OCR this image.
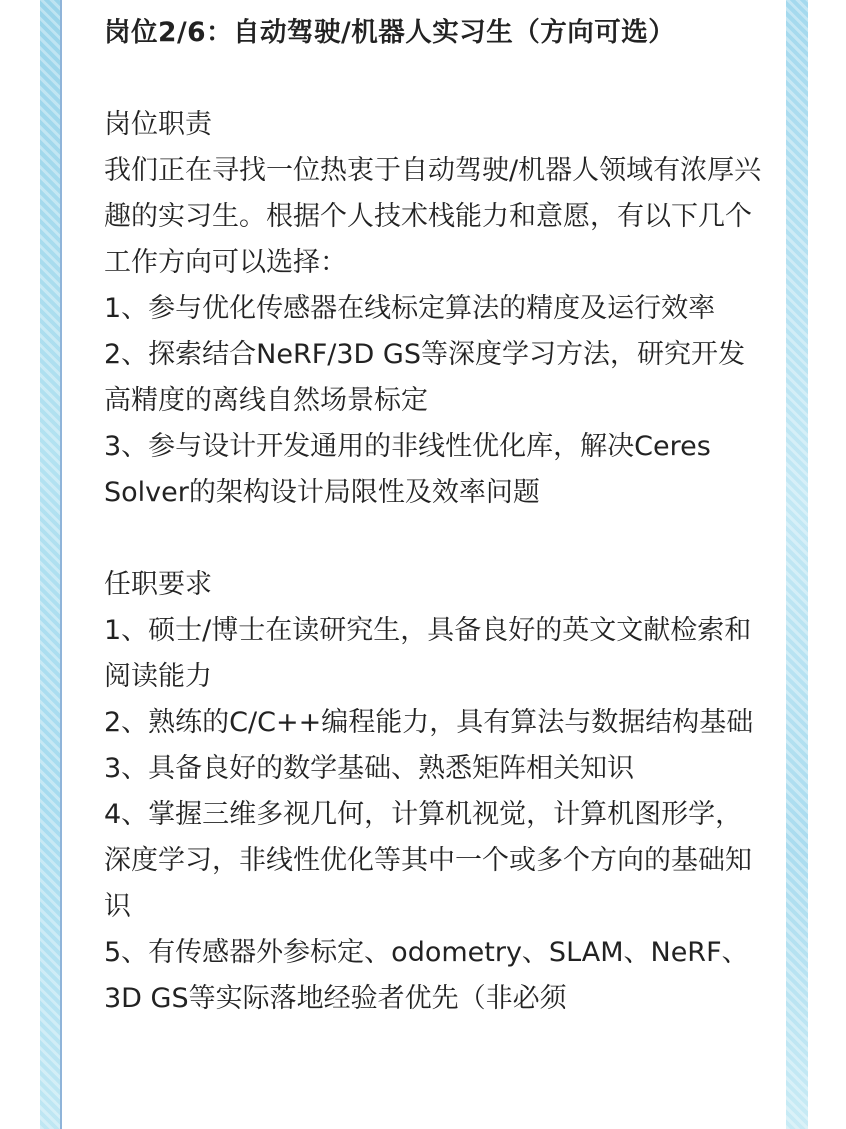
岗位2/6：自动驾驶/机器人实习生（方向可选）
岗位职责

我们正在寻找一位热衷于自动驾驶/机器人领域有浓厚兴趣的实习生。根据个人技术栈能力和意愿，有以下几个工作方向可以选择：

1、参与优化传感器在线标定算法的精度及运行效率

2、探索结合NeRF/3D GS等深度学习方法，研究开发高精度的离线自然场景标定

3、参与设计开发通用的非线性优化库，解决Ceres Solver的架构设计局限性及效率问题

任职要求

1、硕士/博士在读研究生，具备良好的英文文献检索和阅读能力

2、熟练的C/C++编程能力，具有算法与数据结构基础

3、具备良好的数学基础、熟悉矩阵相关知识

4、掌握三维多视几何，计算机视觉，计算机图形学，深度学习，非线性优化等其中一个或多个方向的基础知识

5、有传感器外参标定、odometry、SLAM、NeRF、3D GS等实际落地经验者优先（非必须
